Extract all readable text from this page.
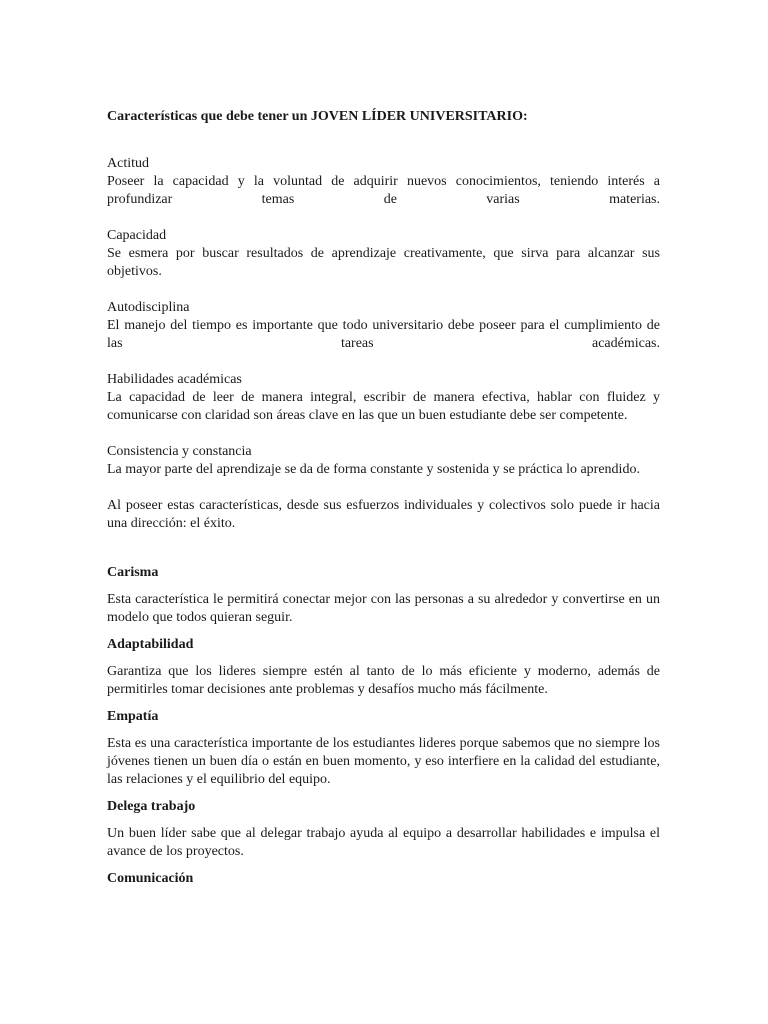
Características que debe tener un JOVEN LÍDER UNIVERSITARIO:

Actitud
Poseer la capacidad y la voluntad de adquirir nuevos conocimientos, teniendo interés a profundizar temas de varias materias.
Capacidad
Se esmera por buscar resultados de aprendizaje creativamente, que sirva para alcanzar sus objetivos.
Autodisciplina
El manejo del tiempo es importante que todo universitario debe poseer para el cumplimiento de las tareas académicas.
Habilidades académicas
La capacidad de leer de manera integral, escribir de manera efectiva, hablar con fluidez y comunicarse con claridad son áreas clave en las que un buen estudiante debe ser competente.
Consistencia y constancia
La mayor parte del aprendizaje se da de forma constante y sostenida y se práctica lo aprendido.

Al poseer estas características, desde sus esfuerzos individuales y colectivos solo puede ir hacia una dirección: el éxito.

Carisma
Esta característica le permitirá conectar mejor con las personas a su alrededor y convertirse en un modelo que todos quieran seguir.
Adaptabilidad
Garantiza que los lideres siempre estén al tanto de lo más eficiente y moderno, además de permitirles tomar decisiones ante problemas y desafíos mucho más fácilmente.
Empatía
Esta es una característica importante de los estudiantes lideres porque sabemos que no siempre los jóvenes tienen un buen día o están en buen momento, y eso interfiere en la calidad del estudiante, las relaciones y el equilibrio del equipo.
Delega trabajo
Un buen líder sabe que al delegar trabajo ayuda al equipo a desarrollar habilidades e impulsa el avance de los proyectos.
Comunicación
